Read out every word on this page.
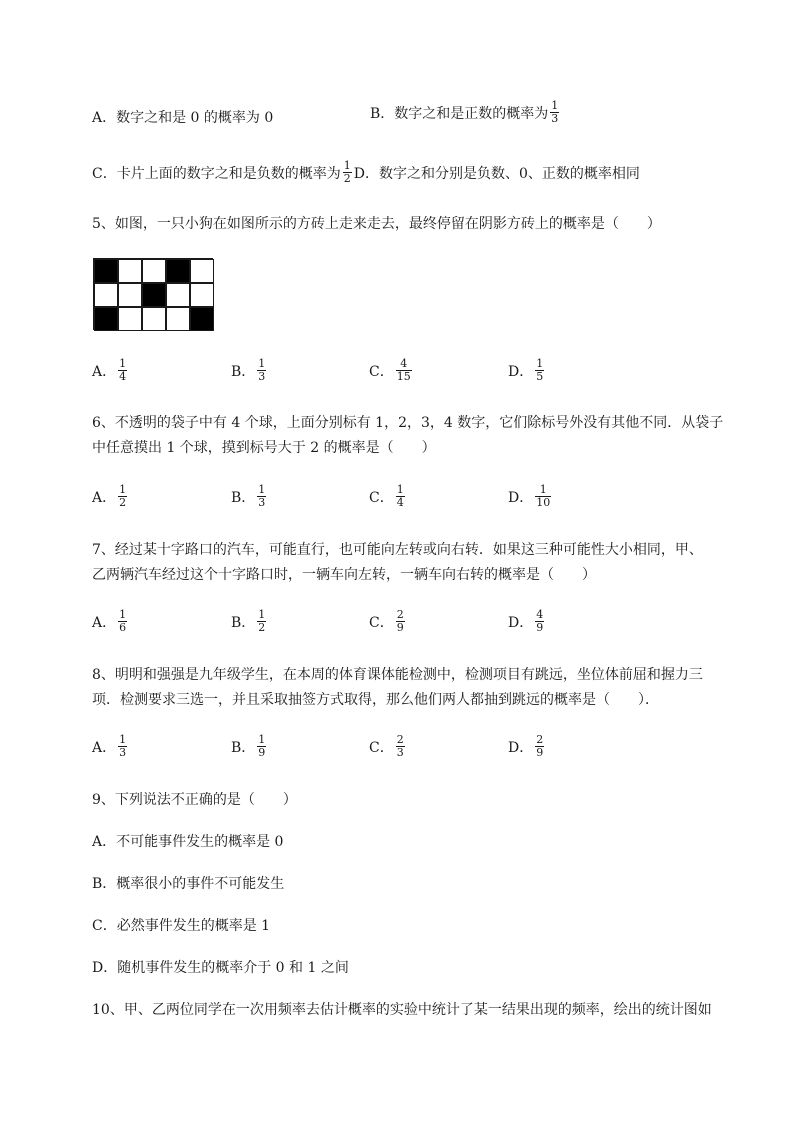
A．数字之和是 0 的概率为 0	B．数字之和是正数的概率为 $\frac{1}{3}$
C．卡片上面的数字之和是负数的概率为 $\frac{1}{2}$ D．数字之和分别是负数、0、正数的概率相同
5、如图，一只小狗在如图所示的方砖上走来走去，最终停留在阴影方砖上的概率是（　　）
A． $\frac{1}{4}$	B． $\frac{1}{3}$	C． $\frac{4}{15}$	D． $\frac{1}{5}$
6、不透明的袋子中有 4 个球，上面分别标有 1，2，3，4 数字，它们除标号外没有其他不同．从袋子
中任意摸出 1 个球，摸到标号大于 2 的概率是（　　）
A． $\frac{1}{2}$	B． $\frac{1}{3}$	C． $\frac{1}{4}$	D． $\frac{1}{10}$
7、经过某十字路口的汽车，可能直行，也可能向左转或向右转．如果这三种可能性大小相同，甲、
乙两辆汽车经过这个十字路口时，一辆车向左转，一辆车向右转的概率是（　　）
A． $\frac{1}{6}$	B． $\frac{1}{2}$	C． $\frac{2}{9}$	D． $\frac{4}{9}$
8、明明和强强是九年级学生，在本周的体育课体能检测中，检测项目有跳远，坐位体前屈和握力三
项．检测要求三选一，并且采取抽签方式取得，那么他们两人都抽到跳远的概率是（　　）．
A． $\frac{1}{3}$	B． $\frac{1}{9}$	C． $\frac{2}{3}$	D． $\frac{2}{9}$
9、下列说法不正确的是（　　）
A．不可能事件发生的概率是 0
B．概率很小的事件不可能发生
C．必然事件发生的概率是 1
D．随机事件发生的概率介于 0 和 1 之间
10、甲、乙两位同学在一次用频率去估计概率的实验中统计了某一结果出现的频率，绘出的统计图如
